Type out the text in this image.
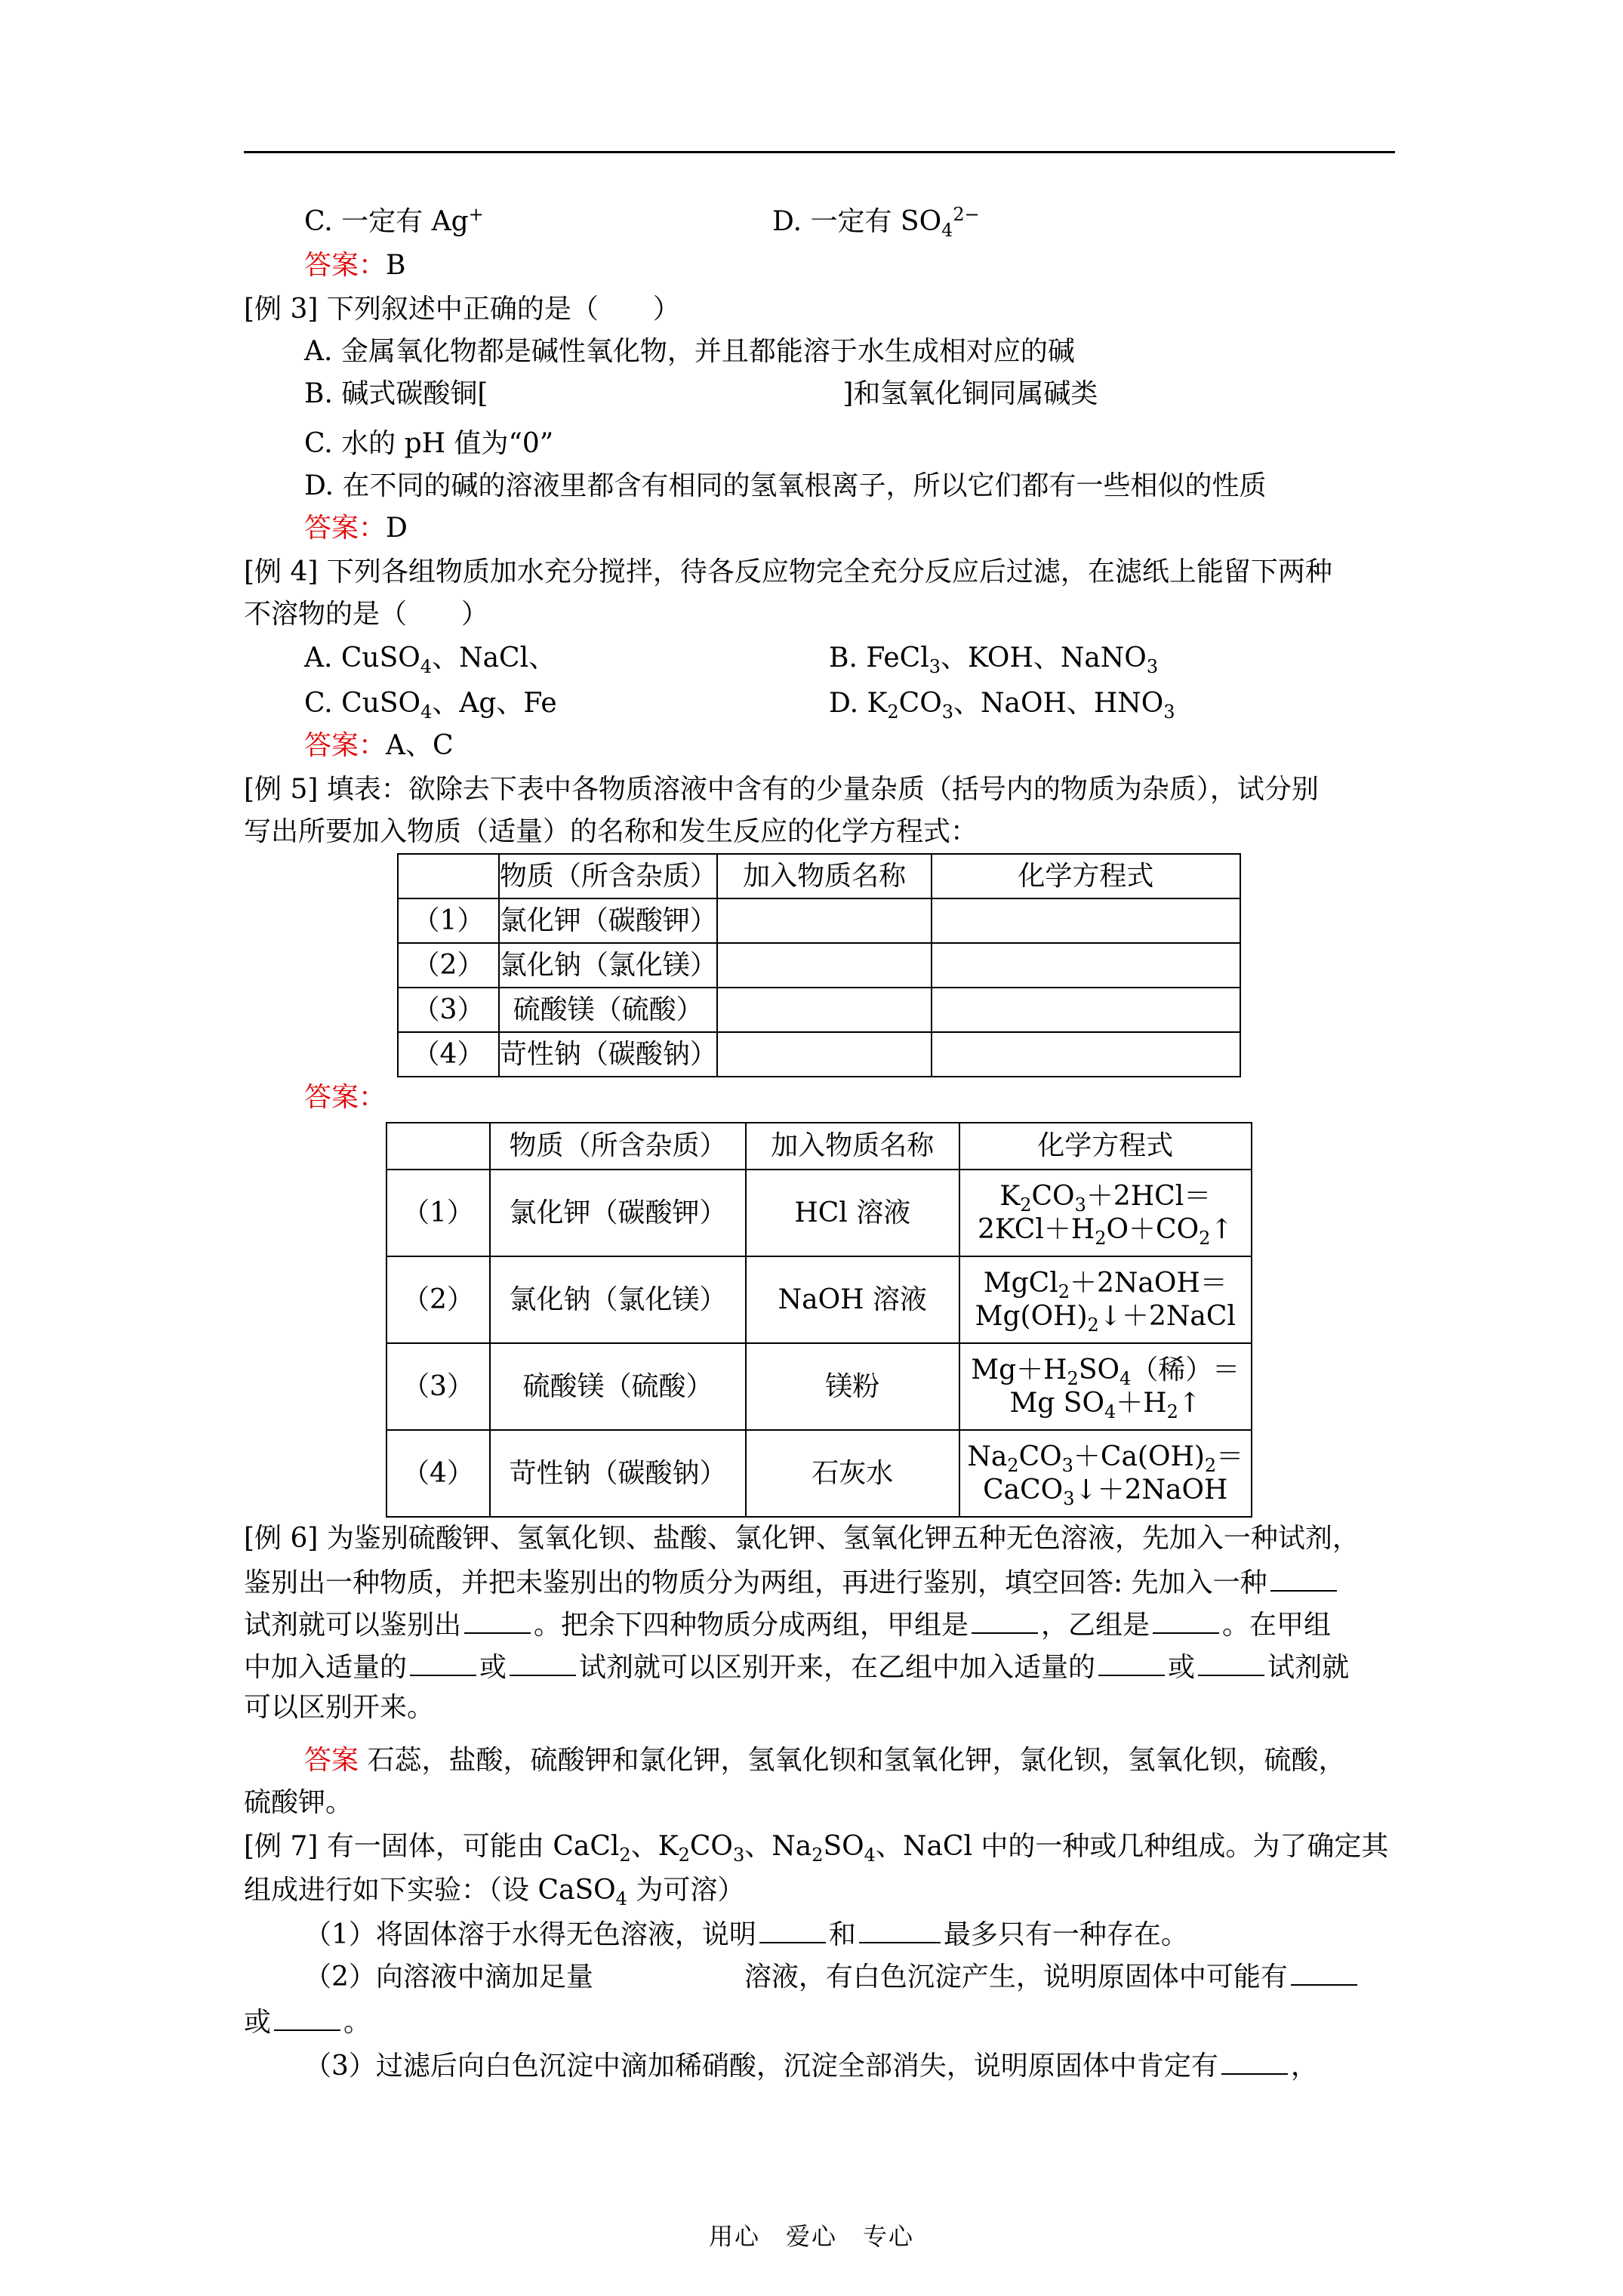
C. 一定有 Ag+	D. 一定有 $SO_4^{2-}$
答案：B
[例 3] 下列叙述中正确的是（　　）
A. 金属氧化物都是碱性氧化物，并且都能溶于水生成相对应的碱
B. 碱式碳酸铜[	]和氢氧化铜同属碱类
C. 水的 pH 值为“0”
D. 在不同的碱的溶液里都含有相同的氢氧根离子，所以它们都有一些相似的性质
答案：D
[例 4] 下列各组物质加水充分搅拌，待各反应物完全充分反应后过滤，在滤纸上能留下两种
不溶物的是（　　）
A. CuSO$_4$、NaCl、	B. FeCl$_3$、KOH、NaNO$_3$
C. CuSO$_4$、Ag、Fe	D. $K_2CO_3$、NaOH、$HNO_3$
答案：A、C
[例 5] 填表：欲除去下表中各物质溶液中含有的少量杂质（括号内的物质为杂质），试分别
写出所要加入物质（适量）的名称和发生反应的化学方程式：
	物质（所含杂质）	加入物质名称	化学方程式
（1）	氯化钾（碳酸钾）		
（2）	氯化钠（氯化镁）		
（3）	硫酸镁（硫酸）		
（4）	苛性钠（碳酸钠）		
答案：
	物质（所含杂质）	加入物质名称	化学方程式
（1）	氯化钾（碳酸钾）	HCl 溶液	$K_2CO_3+2HCl=$
$2KCl+H_2O+CO_2↑$

（2）	氯化钠（氯化镁）	NaOH 溶液	MgCl$_2$＋2NaOH＝
$Mg(OH)_2↓+2NaCl$

（3）	硫酸镁（硫酸）	镁粉	$Mg+H_2SO_4$（稀）＝
Mg $SO_4+H_2↑$

（4）	苛性钠（碳酸钠）	石灰水	$Na_2CO_3+Ca(OH)_2=$
CaCO$_3$↓＋2NaOH
[例 6] 为鉴别硫酸钾、氢氧化钡、盐酸、氯化钾、氢氧化钾五种无色溶液，先加入一种试剂，
鉴别出一种物质，并把未鉴别出的物质分为两组，再进行鉴别，填空回答: 先加入一种
试剂就可以鉴别出	。把余下四种物质分成两组，甲组是	，乙组是	。在甲组
中加入适量的	或	试剂就可以区别开来，在乙组中加入适量的	或	试剂就
可以区别开来。
答案 石蕊，盐酸，硫酸钾和氯化钾，氢氧化钡和氢氧化钾，氯化钡，氢氧化钡，硫酸，
硫酸钾。
[例 7] 有一固体，可能由 CaCl$_2$、$K_2CO_3$、$Na_2SO_4$、NaCl 中的一种或几种组成。为了确定其
组成进行如下实验：（设 CaSO$_4$ 为可溶）
（1）将固体溶于水得无色溶液，说明	和	最多只有一种存在。
（2）向溶液中滴加足量	溶液，有白色沉淀产生，说明原固体中可能有
或	。
（3）过滤后向白色沉淀中滴加稀硝酸，沉淀全部消失，说明原固体中肯定有	，
用心　爱心　专心
